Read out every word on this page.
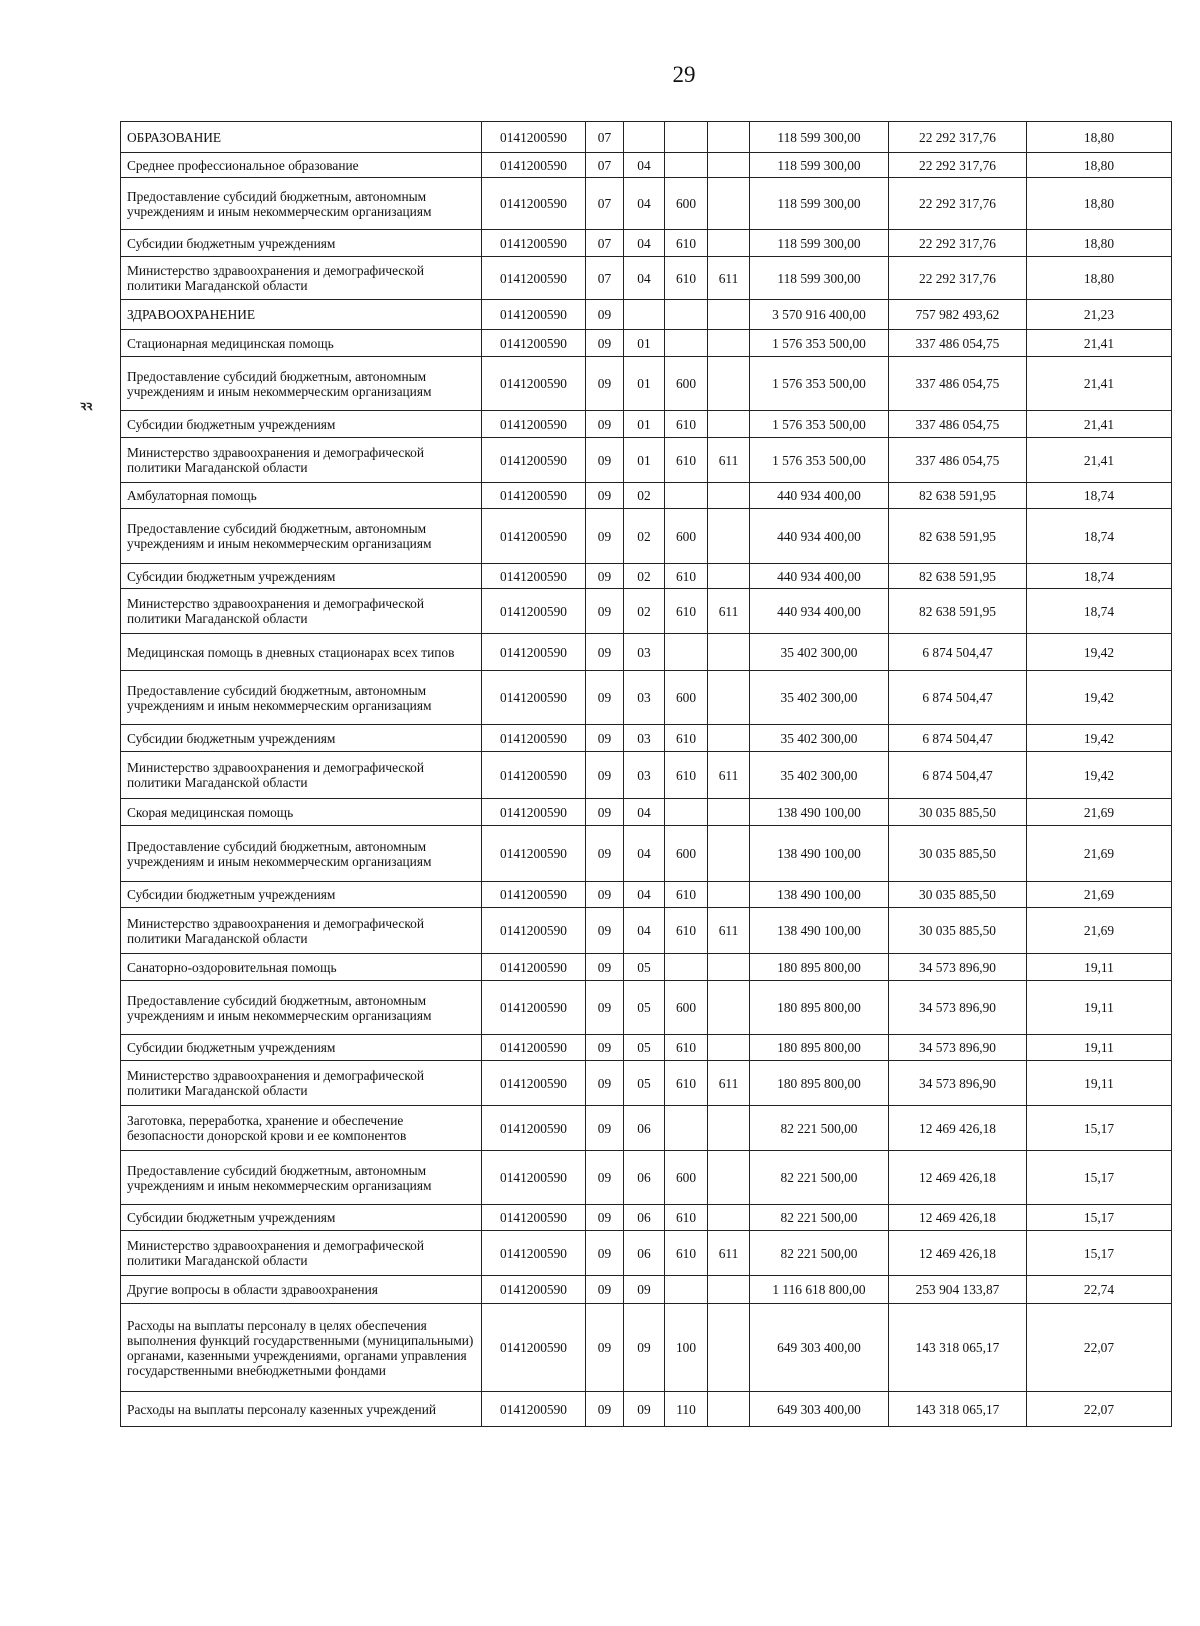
29
ꝛꝛ
ОБРАЗОВАНИЕ	0141200590	07				118 599 300,00	22 292 317,76	18,80
Среднее профессиональное образование	0141200590	07	04			118 599 300,00	22 292 317,76	18,80
Предоставление субсидий бюджетным, автономным учреждениям и иным некоммерческим организациям	0141200590	07	04	600		118 599 300,00	22 292 317,76	18,80
Субсидии бюджетным учреждениям	0141200590	07	04	610		118 599 300,00	22 292 317,76	18,80
Министерство здравоохранения и демографической политики Магаданской области	0141200590	07	04	610	611	118 599 300,00	22 292 317,76	18,80
ЗДРАВООХРАНЕНИЕ	0141200590	09				3 570 916 400,00	757 982 493,62	21,23
Стационарная медицинская помощь	0141200590	09	01			1 576 353 500,00	337 486 054,75	21,41
Предоставление субсидий бюджетным, автономным учреждениям и иным некоммерческим организациям	0141200590	09	01	600		1 576 353 500,00	337 486 054,75	21,41
Субсидии бюджетным учреждениям	0141200590	09	01	610		1 576 353 500,00	337 486 054,75	21,41
Министерство здравоохранения и демографической политики Магаданской области	0141200590	09	01	610	611	1 576 353 500,00	337 486 054,75	21,41
Амбулаторная помощь	0141200590	09	02			440 934 400,00	82 638 591,95	18,74
Предоставление субсидий бюджетным, автономным учреждениям и иным некоммерческим организациям	0141200590	09	02	600		440 934 400,00	82 638 591,95	18,74
Субсидии бюджетным учреждениям	0141200590	09	02	610		440 934 400,00	82 638 591,95	18,74
Министерство здравоохранения и демографической политики Магаданской области	0141200590	09	02	610	611	440 934 400,00	82 638 591,95	18,74
Медицинская помощь в дневных стационарах всех типов	0141200590	09	03			35 402 300,00	6 874 504,47	19,42
Предоставление субсидий бюджетным, автономным учреждениям и иным некоммерческим организациям	0141200590	09	03	600		35 402 300,00	6 874 504,47	19,42
Субсидии бюджетным учреждениям	0141200590	09	03	610		35 402 300,00	6 874 504,47	19,42
Министерство здравоохранения и демографической политики Магаданской области	0141200590	09	03	610	611	35 402 300,00	6 874 504,47	19,42
Скорая медицинская помощь	0141200590	09	04			138 490 100,00	30 035 885,50	21,69
Предоставление субсидий бюджетным, автономным учреждениям и иным некоммерческим организациям	0141200590	09	04	600		138 490 100,00	30 035 885,50	21,69
Субсидии бюджетным учреждениям	0141200590	09	04	610		138 490 100,00	30 035 885,50	21,69
Министерство здравоохранения и демографической политики Магаданской области	0141200590	09	04	610	611	138 490 100,00	30 035 885,50	21,69
Санаторно-оздоровительная помощь	0141200590	09	05			180 895 800,00	34 573 896,90	19,11
Предоставление субсидий бюджетным, автономным учреждениям и иным некоммерческим организациям	0141200590	09	05	600		180 895 800,00	34 573 896,90	19,11
Субсидии бюджетным учреждениям	0141200590	09	05	610		180 895 800,00	34 573 896,90	19,11
Министерство здравоохранения и демографической политики Магаданской области	0141200590	09	05	610	611	180 895 800,00	34 573 896,90	19,11
Заготовка, переработка, хранение и обеспечение безопасности донорской крови и ее компонентов	0141200590	09	06			82 221 500,00	12 469 426,18	15,17
Предоставление субсидий бюджетным, автономным учреждениям и иным некоммерческим организациям	0141200590	09	06	600		82 221 500,00	12 469 426,18	15,17
Субсидии бюджетным учреждениям	0141200590	09	06	610		82 221 500,00	12 469 426,18	15,17
Министерство здравоохранения и демографической политики Магаданской области	0141200590	09	06	610	611	82 221 500,00	12 469 426,18	15,17
Другие вопросы в области здравоохранения	0141200590	09	09			1 116 618 800,00	253 904 133,87	22,74
Расходы на выплаты персоналу в целях обеспечения выполнения функций государственными (муниципальными) органами, казенными учреждениями, органами управления государственными внебюджетными фондами	0141200590	09	09	100		649 303 400,00	143 318 065,17	22,07
Расходы на выплаты персоналу казенных учреждений	0141200590	09	09	110		649 303 400,00	143 318 065,17	22,07
